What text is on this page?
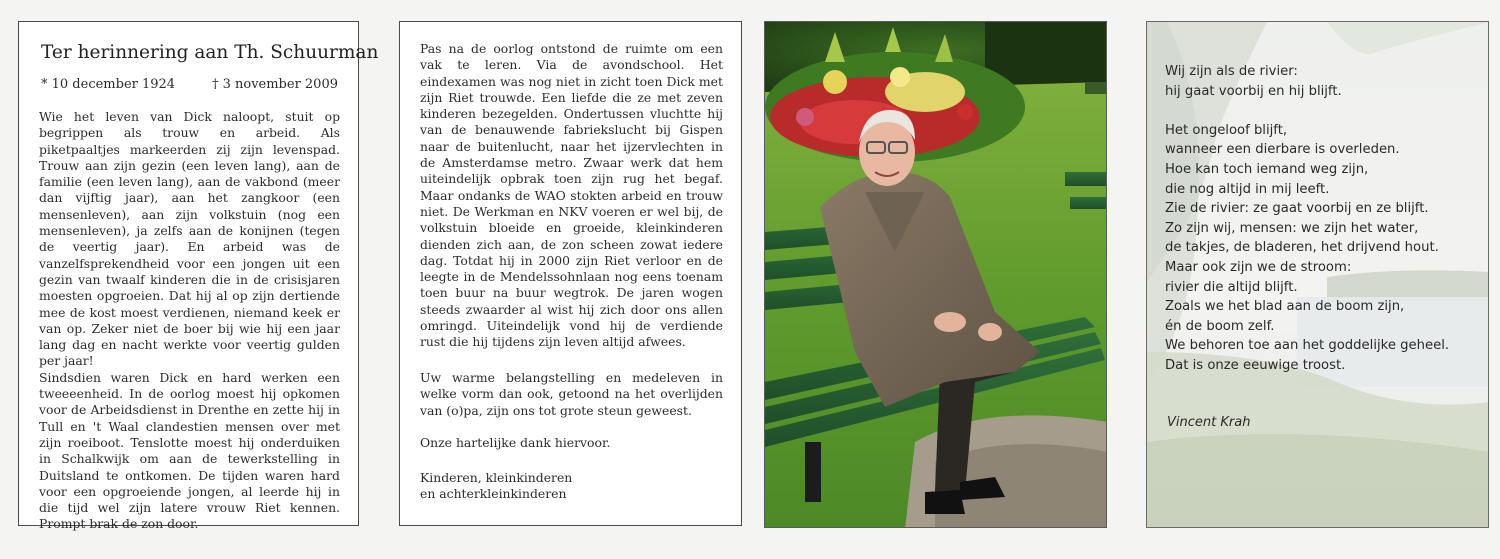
Ter herinnering aan Th. Schuurman
* 10 december 1924	† 3 november 2009

Wie het leven van Dick naloopt, stuit op begrippen als trouw en arbeid. Als piketpaaltjes markeerden zij zijn levenspad. Trouw aan zijn gezin (een leven lang), aan de familie (een leven lang), aan de vakbond (meer dan vijftig jaar), aan het zangkoor (een mensenleven), aan zijn volkstuin (nog een mensenleven), ja zelfs aan de konijnen (tegen de veertig jaar). En arbeid was de vanzelfsprekendheid voor een jongen uit een gezin van twaalf kinderen die in de crisisjaren moesten opgroeien. Dat hij al op zijn dertiende mee de kost moest verdienen, niemand keek er van op. Zeker niet de boer bij wie hij een jaar lang dag en nacht werkte voor veertig gulden per jaar!

Sindsdien waren Dick en hard werken een tweeeenheid. In de oorlog moest hij opkomen voor de Arbeidsdienst in Drenthe en zette hij in Tull en 't Waal clandestien mensen over met zijn roeiboot. Tenslotte moest hij onderduiken in Schalkwijk om aan de tewerkstelling in Duitsland te ontkomen. De tijden waren hard voor een opgroeiende jongen, al leerde hij in die tijd wel zijn latere vrouw Riet kennen. Prompt brak de zon door.

Pas na de oorlog ontstond de ruimte om een vak te leren. Via de avondschool. Het eindexamen was nog niet in zicht toen Dick met zijn Riet trouwde. Een liefde die ze met zeven kinderen bezegelden. Ondertussen vluchtte hij van de benauwende fabriekslucht bij Gispen naar de buitenlucht, naar het ijzervlechten in de Amsterdamse metro. Zwaar werk dat hem uiteindelijk opbrak toen zijn rug het begaf. Maar ondanks de WAO stokten arbeid en trouw niet. De Werkman en NKV voeren er wel bij, de volkstuin bloeide en groeide, kleinkinderen dienden zich aan, de zon scheen zowat iedere dag. Totdat hij in 2000 zijn Riet verloor en de leegte in de Mendelssohnlaan nog eens toenam toen buur na buur wegtrok. De jaren wogen steeds zwaarder al wist hij zich door ons allen omringd. Uiteindelijk vond hij de verdiende rust die hij tijdens zijn leven altijd afwees.

Uw warme belangstelling en medeleven in welke vorm dan ook, getoond na het overlijden van (o)pa, zijn ons tot grote steun geweest.

Onze hartelijke dank hiervoor.

Kinderen, kleinkinderen

en achterkleinkinderen

Wij zijn als de rivier:
hij gaat voorbij en hij blijft.
Het ongeloof blijft,
wanneer een dierbare is overleden.
Hoe kan toch iemand weg zijn,
die nog altijd in mij leeft.
Zie de rivier: ze gaat voorbij en ze blijft.
Zo zijn wij, mensen: we zijn het water,
de takjes, de bladeren, het drijvend hout.
Maar ook zijn we de stroom:
rivier die altijd blijft.
Zoals we het blad aan de boom zijn,
én de boom zelf.
We behoren toe aan het goddelijke geheel.
Dat is onze eeuwige troost.
Vincent Krah
